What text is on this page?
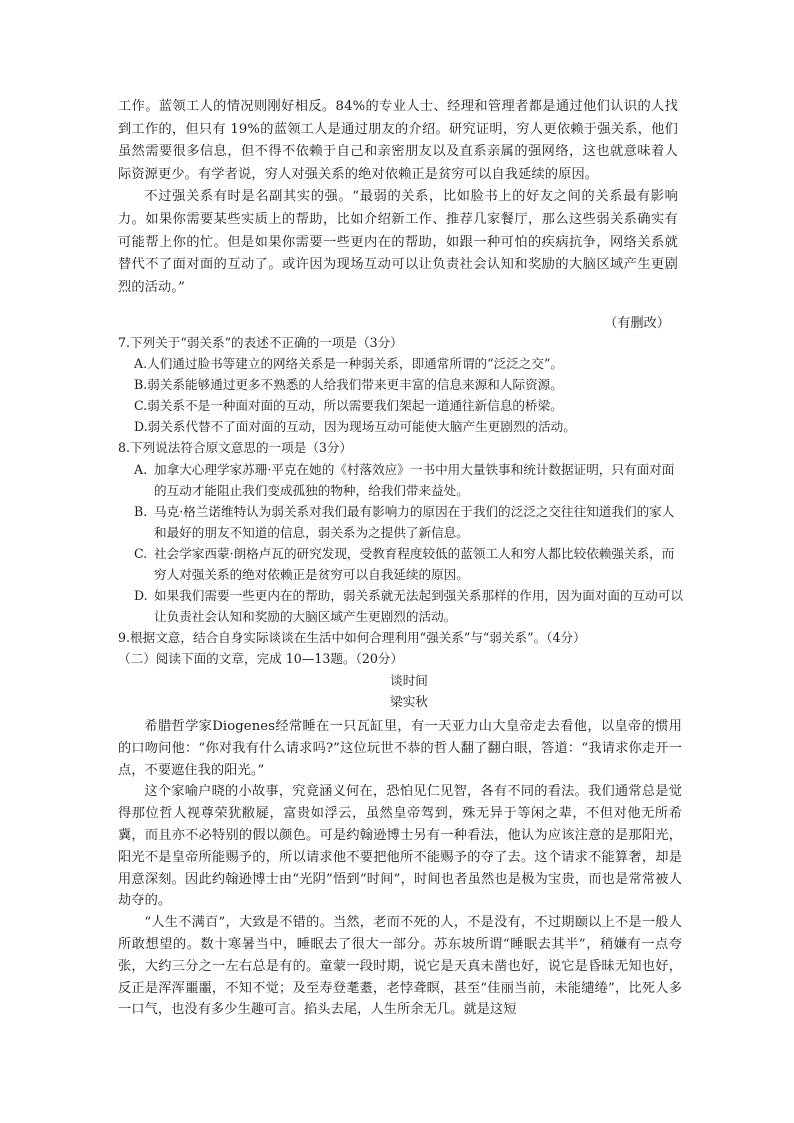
工作。蓝领工人的情况则刚好相反。84%的专业人士、经理和管理者都是通过他们认识的人找到工作的，但只有 19%的蓝领工人是通过朋友的介绍。研究证明，穷人更依赖于强关系，他们虽然需要很多信息，但不得不依赖于自己和亲密朋友以及直系亲属的强网络，这也就意味着人际资源更少。有学者说，穷人对强关系的绝对依赖正是贫穷可以自我延续的原因。

不过强关系有时是名副其实的强。“最弱的关系，比如脸书上的好友之间的关系最有影响力。如果你需要某些实质上的帮助，比如介绍新工作、推荐几家餐厅，那么这些弱关系确实有可能帮上你的忙。但是如果你需要一些更内在的帮助，如跟一种可怕的疾病抗争，网络关系就替代不了面对面的互动了。或许因为现场互动可以让负责社会认知和奖励的大脑区域产生更剧烈的活动。”

（有删改）

7.下列关于“弱关系”的表述不正确的一项是（3分）

A.人们通过脸书等建立的网络关系是一种弱关系，即通常所谓的“泛泛之交”。

B.弱关系能够通过更多不熟悉的人给我们带来更丰富的信息来源和人际资源。

C.弱关系不是一种面对面的互动，所以需要我们架起一道通往新信息的桥梁。

D.弱关系代替不了面对面的互动，因为现场互动可能使大脑产生更剧烈的活动。

8.下列说法符合原文意思的一项是（3分）

A. 加拿大心理学家苏珊·平克在她的《村落效应》一书中用大量铁事和统计数据证明，只有面对面的互动才能阻止我们变成孤独的物种，给我们带来益处。
B. 马克·格兰诺维特认为弱关系对我们最有影响力的原因在于我们的泛泛之交往往知道我们的家人和最好的朋友不知道的信息，弱关系为之提供了新信息。
C. 社会学家西蒙·朗格卢瓦的研究发现，受教育程度较低的蓝领工人和穷人都比较依赖强关系，而穷人对强关系的绝对依赖正是贫穷可以自我延续的原因。
D. 如果我们需要一些更内在的帮助，弱关系就无法起到强关系那样的作用，因为面对面的互动可以让负责社会认知和奖励的大脑区域产生更剧烈的活动。

9.根据文意，结合自身实际谈谈在生活中如何合理利用“强关系”与“弱关系”。（4分）

（二）阅读下面的文章，完成 10—13题。（20分）

谈时间

梁实秋

希腊哲学家Diogenes经常睡在一只瓦缸里，有一天亚力山大皇帝走去看他，以皇帝的惯用的口吻问他：“你对我有什么请求吗?”这位玩世不恭的哲人翻了翻白眼，答道：“我请求你走开一点，不要遮住我的阳光。”

这个家喻户晓的小故事，究竟涵义何在，恐怕见仁见智，各有不同的看法。我们通常总是觉得那位哲人视尊荣犹敝屣，富贵如浮云，虽然皇帝驾到，殊无异于等闲之辈，不但对他无所希冀，而且亦不必特别的假以颜色。可是约翰逊博士另有一种看法，他认为应该注意的是那阳光，阳光不是皇帝所能赐予的，所以请求他不要把他所不能赐予的夺了去。这个请求不能算奢，却是用意深刻。因此约翰逊博士由“光阴”悟到“时间”，时间也者虽然也是极为宝贵，而也是常常被人劫夺的。

“人生不满百”，大致是不错的。当然，老而不死的人，不是没有，不过期颐以上不是一般人所敢想望的。数十寒暑当中，睡眠去了很大一部分。苏东坡所谓“睡眠去其半”，稍嫌有一点夸张，大约三分之一左右总是有的。童蒙一段时期，说它是天真未凿也好，说它是昏昧无知也好，反正是浑浑噩噩，不知不觉；及至寿登耄耋，老悖聋瞑，甚至“佳丽当前，未能缱绻”，比死人多一口气，也没有多少生趣可言。掐头去尾，人生所余无几。就是这短
